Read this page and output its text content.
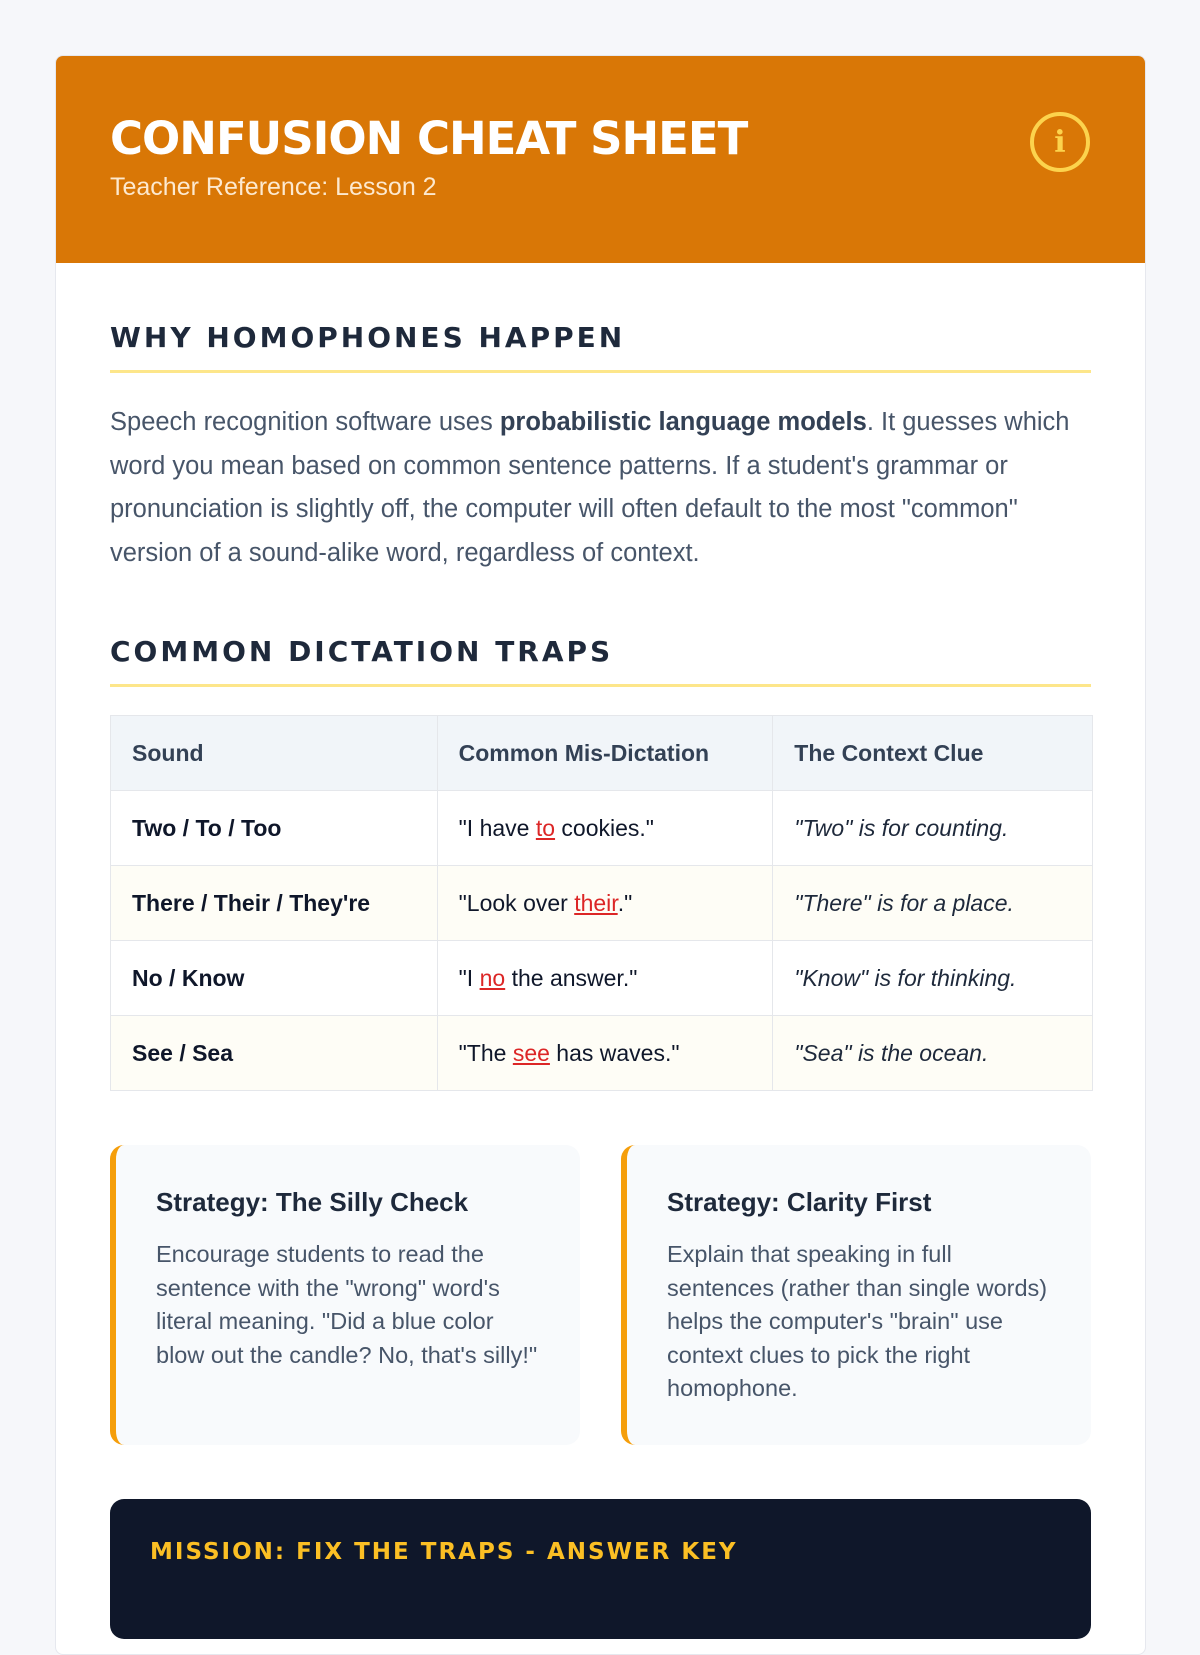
CONFUSION CHEAT SHEET
Teacher Reference: Lesson 2
i
WHY HOMOPHONES HAPPEN

Speech recognition software uses probabilistic language models. It guesses which word you mean based on common sentence patterns. If a student's grammar or pronunciation is slightly off, the computer will often default to the most "common" version of a sound-alike word, regardless of context.

COMMON DICTATION TRAPS
Sound	Common Mis-Dictation	The Context Clue
Two / To / Too	"I have to cookies."	"Two" is for counting.
There / Their / They're	"Look over their."	"There" is for a place.
No / Know	"I no the answer."	"Know" is for thinking.
See / Sea	"The see has waves."	"Sea" is the ocean.
Strategy: The Silly Check

Encourage students to read the sentence with the "wrong" word's literal meaning. "Did a blue color blow out the candle? No, that's silly!"

Strategy: Clarity First

Explain that speaking in full sentences (rather than single words) helps the computer's "brain" use context clues to pick the right homophone.

MISSION: FIX THE TRAPS - ANSWER KEY
